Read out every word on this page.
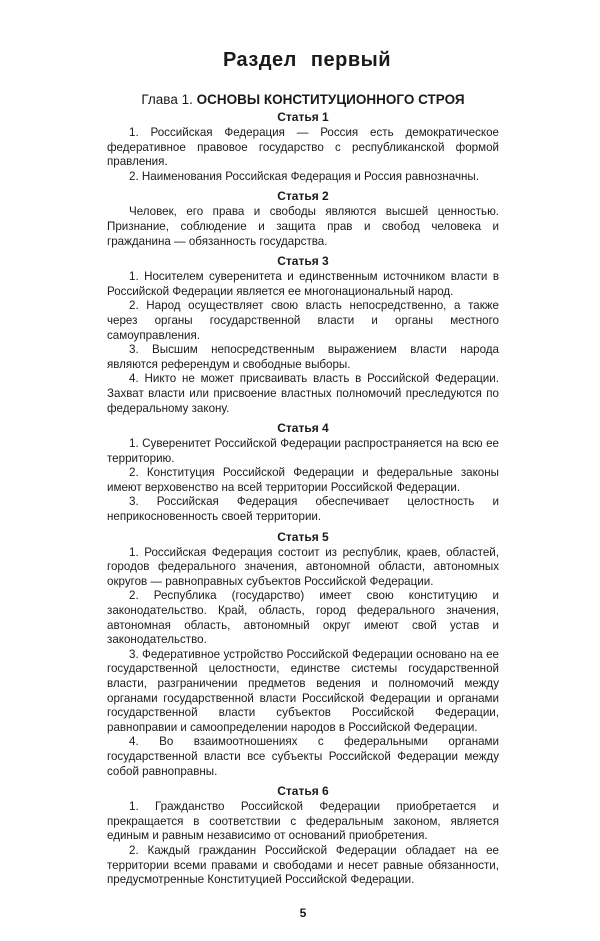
Раздел первый
Глава 1. ОСНОВЫ КОНСТИТУЦИОННОГО СТРОЯ
Статья 1

1. Российская Федерация — Россия есть демократическое федеративное правовое государство с республиканской формой правления.

2. Наименования Российская Федерация и Россия равнозначны.

Статья 2

Человек, его права и свободы являются высшей ценностью. Признание, соблюдение и защита прав и свобод человека и гражданина — обязанность государства.

Статья 3

1. Носителем суверенитета и единственным источником власти в Российской Федерации является ее многонациональный народ.

2. Народ осуществляет свою власть непосредственно, а также через органы государственной власти и органы местного самоуправления.

3. Высшим непосредственным выражением власти народа являются референдум и свободные выборы.

4. Никто не может присваивать власть в Российской Федерации. Захват власти или присвоение властных полномочий преследуются по федеральному закону.

Статья 4

1. Суверенитет Российской Федерации распространяется на всю ее территорию.

2. Конституция Российской Федерации и федеральные законы имеют верховенство на всей территории Российской Федерации.

3. Российская Федерация обеспечивает целостность и неприкосновенность своей территории.

Статья 5

1. Российская Федерация состоит из республик, краев, областей, городов федерального значения, автономной области, автономных округов — равноправных субъектов Российской Федерации.

2. Республика (государство) имеет свою конституцию и законодательство. Край, область, город федерального значения, автономная область, автономный округ имеют свой устав и законодательство.

3. Федеративное устройство Российской Федерации основано на ее государственной целостности, единстве системы государственной власти, разграничении предметов ведения и полномочий между органами государственной власти Российской Федерации и органами государственной власти субъектов Российской Федерации, равноправии и самоопределении народов в Российской Федерации.

4. Во взаимоотношениях с федеральными органами государственной власти все субъекты Российской Федерации между собой равноправны.

Статья 6

1. Гражданство Российской Федерации приобретается и прекращается в соответствии с федеральным законом, является единым и равным независимо от оснований приобретения.

2. Каждый гражданин Российской Федерации обладает на ее территории всеми правами и свободами и несет равные обязанности, предусмотренные Конституцией Российской Федерации.

5
